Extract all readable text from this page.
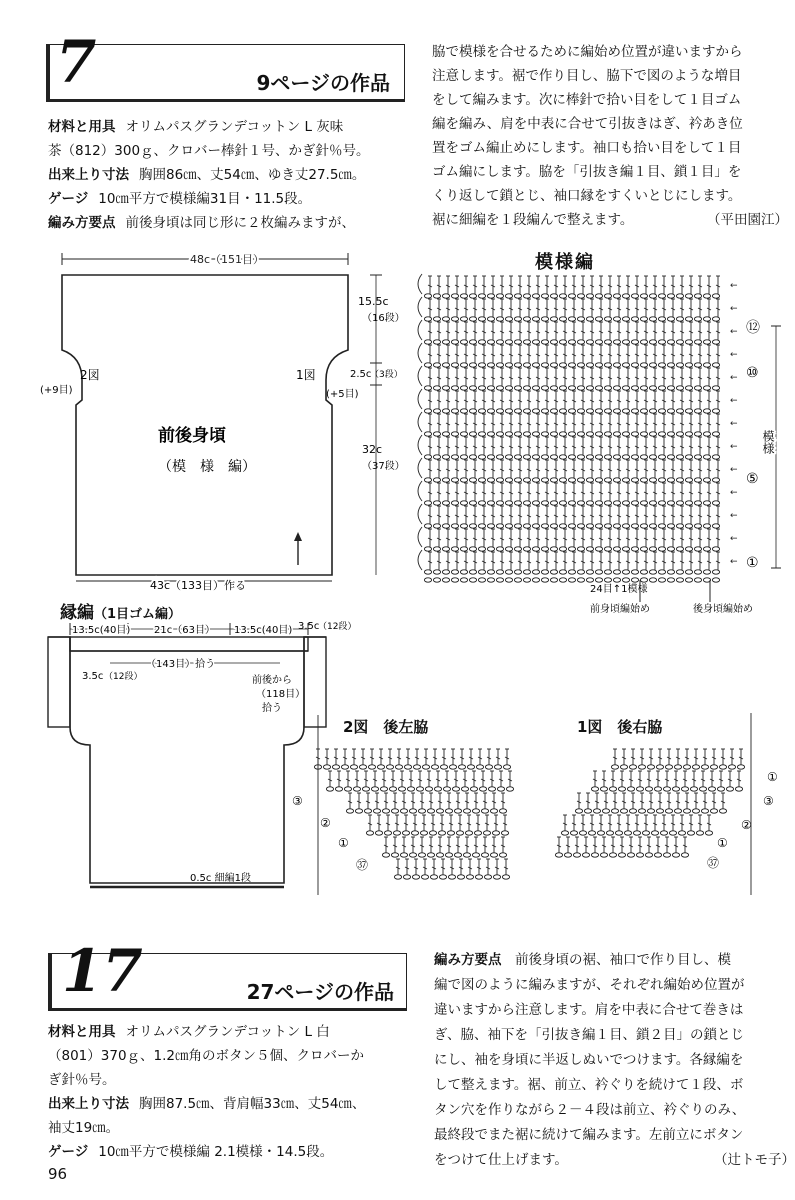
7	9ページの作品
材料と用具 オリムパスグランデコットン L 灰味
茶（812）300ｇ、クロバー棒針１号、かぎ針％号。
出来上り寸法 胸囲86㎝、丈54㎝、ゆき丈27.5㎝。
ゲージ 10㎝平方で模様編31目・11.5段。
編み方要点 前後身頃は同じ形に２枚編みますが、
脇で模様を合せるために編始め位置が違いますから
注意します。裾で作り目し、脇下で図のような増目
をして編みます。次に棒針で拾い目をして１目ゴム
編を編み、肩を中表に合せて引抜きはぎ、衿あき位
置をゴム編止めにします。袖口も拾い目をして１目
ゴム編にします。脇を「引抜き編１目、鎖１目」を
くり返して鎖とじ、袖口縁をすくいとじにします。
裾に細編を１段編んで整えます。	（平田園江）
48c（151目）
15.5c
（16段）
2.5c
（3段）
32c
（37段）
2図
(+9目)
1図
(+5目)
前後身頃
（模　様　編）
43c（133目）作る
模様編
←
←
←
←
←
←
←
←
←
←
←
←
←
⑫
⑩
⑤
①
模様
24目↑1模様
前身頃編始め	後身頃編始め
縁編（1目ゴム編）
13.5c(40目) 21c（63目） 13.5c(40目) 3.5c
（12段）
（143目）拾う
3.5c （12段）	前後から
（118目）
拾う
0.5c 細編1段
2図　後左脇
③
②
①
㊲
1図　後右脇
①
③
②
①
㊲
17	27ページの作品
材料と用具 オリムパスグランデコットン L 白
（801）370ｇ、1.2㎝角のボタン５個、クロバーか
ぎ針％号。
出来上り寸法 胸囲87.5㎝、背肩幅33㎝、丈54㎝、
袖丈19㎝。
ゲージ 10㎝平方で模様編 2.1模様・14.5段。
編み方要点　 前後身頃の裾、袖口で作り目し、模
編で図のように編みますが、それぞれ編始め位置が
違いますから注意します。肩を中表に合せて巻きは
ぎ、脇、袖下を「引抜き編１目、鎖２目」の鎖とじ
にし、袖を身頃に半返しぬいでつけます。各縁編を
して整えます。裾、前立、衿ぐりを続けて１段、ボ
タン穴を作りながら２－４段は前立、衿ぐりのみ、
最終段でまた裾に続けて編みます。左前立にボタン
をつけて仕上げます。	（辻トモ子）
96
